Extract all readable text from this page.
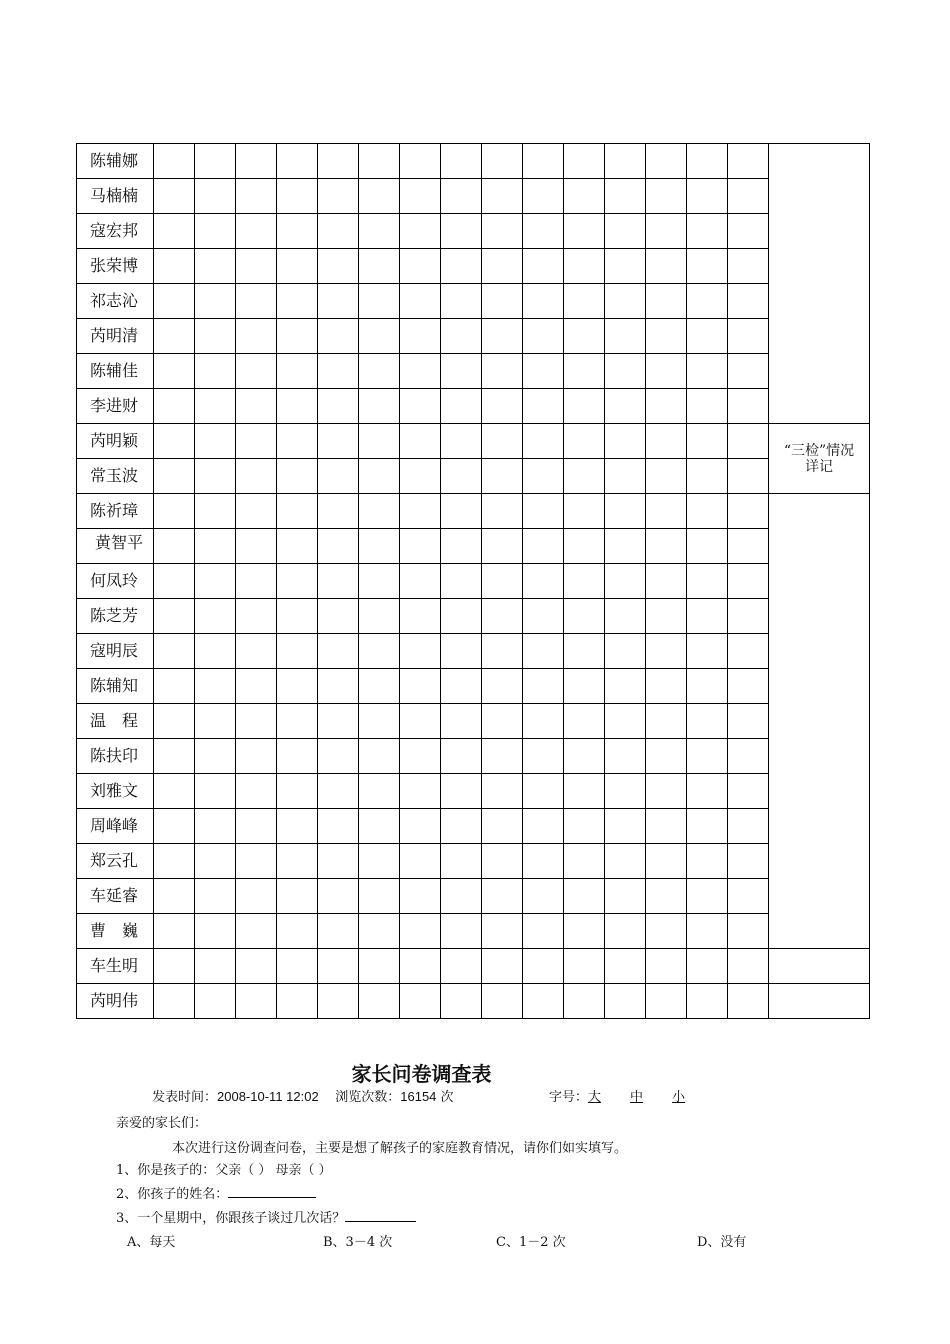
陈辅娜																
马楠楠																
寇宏邦																
张荣博																
祁志沁																
芮明清																
陈辅佳																
李进财																
芮明颖																“三检”情况
详记

常玉波																
陈祈璋																
黄智平																
何凤玲																
陈芝芳																
寇明辰																
陈辅知																
温　程																
陈扶印																
刘雅文																
周峰峰																
郑云孔																
车延睿																
曹　巍																
车生明																
芮明伟																
家长问卷调查表
发表时间：2008-10-11 12:02 浏览次数：16154 次	字号：大 中 小
亲爱的家长们：
本次进行这份调查问卷，主要是想了解孩子的家庭教育情况，请你们如实填写。
1、你是孩子的：父亲（ ） 母亲（ ）
2、你孩子的姓名：
3、一个星期中，你跟孩子谈过几次话？
A、每天	B、3－4 次	C、1－2 次	D、没有
